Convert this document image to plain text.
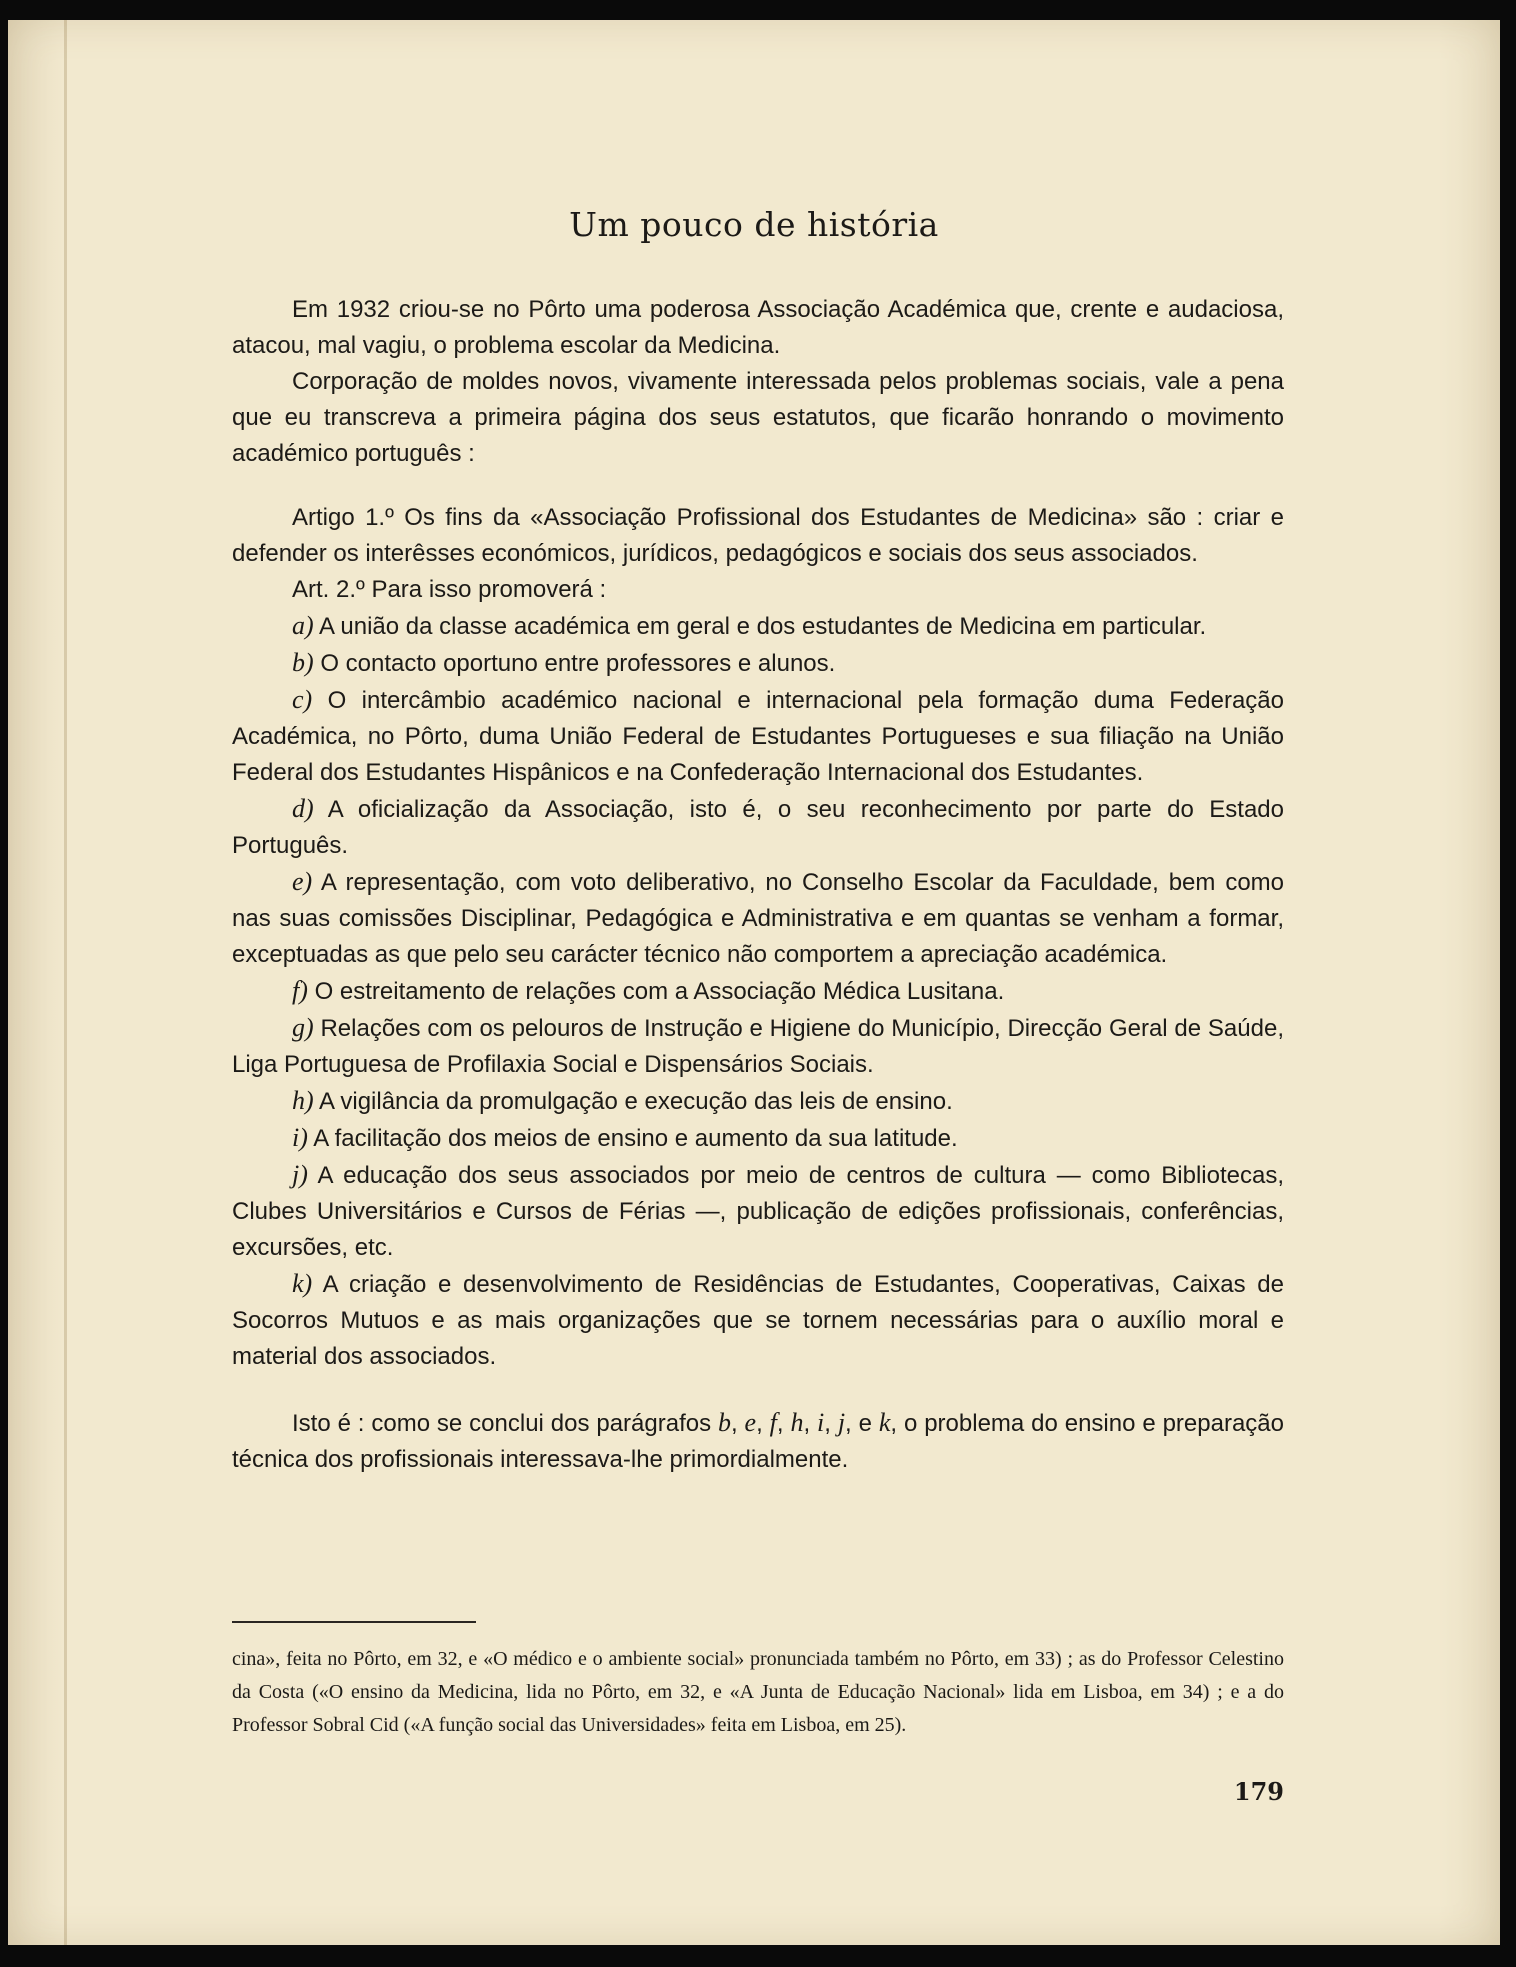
Um pouco de história

Em 1932 criou-se no Pôrto uma poderosa Associação Académica que, crente e audaciosa, atacou, mal vagiu, o problema escolar da Medicina.

Corporação de moldes novos, vivamente interessada pelos problemas sociais, vale a pena que eu transcreva a primeira página dos seus estatutos, que ficarão honrando o movimento académico português :

Artigo 1.º Os fins da «Associação Profissional dos Estudantes de Medicina» são : criar e defender os interêsses económicos, jurídicos, pedagógicos e sociais dos seus associados.

Art. 2.º Para isso promoverá :

a) A união da classe académica em geral e dos estudantes de Medicina em particular.

b) O contacto oportuno entre professores e alunos.

c) O intercâmbio académico nacional e internacional pela formação duma Federação Académica, no Pôrto, duma União Federal de Estudantes Portugueses e sua filiação na União Federal dos Estudantes Hispânicos e na Confederação Internacional dos Estudantes.

d) A oficialização da Associação, isto é, o seu reconhecimento por parte do Estado Português.

e) A representação, com voto deliberativo, no Conselho Escolar da Faculdade, bem como nas suas comissões Disciplinar, Pedagógica e Administrativa e em quantas se venham a formar, exceptuadas as que pelo seu carácter técnico não comportem a apreciação académica.

f) O estreitamento de relações com a Associação Médica Lusitana.

g) Relações com os pelouros de Instrução e Higiene do Município, Direcção Geral de Saúde, Liga Portuguesa de Profilaxia Social e Dispensários Sociais.

h) A vigilância da promulgação e execução das leis de ensino.

i) A facilitação dos meios de ensino e aumento da sua latitude.

j) A educação dos seus associados por meio de centros de cultura — como Bibliotecas, Clubes Universitários e Cursos de Férias —, publicação de edições profissionais, conferências, excursões, etc.

k) A criação e desenvolvimento de Residências de Estudantes, Cooperativas, Caixas de Socorros Mutuos e as mais organizações que se tornem necessárias para o auxílio moral e material dos associados.

Isto é : como se conclui dos parágrafos b, e, f, h, i, j, e k, o problema do ensino e preparação técnica dos profissionais interessava-lhe primordialmente.

cina», feita no Pôrto, em 32, e «O médico e o ambiente social» pronunciada também no Pôrto, em 33) ; as do Professor Celestino da Costa («O ensino da Medicina, lida no Pôrto, em 32, e «A Junta de Educação Nacional» lida em Lisboa, em 34) ; e a do Professor Sobral Cid («A função social das Universidades» feita em Lisboa, em 25).

179
